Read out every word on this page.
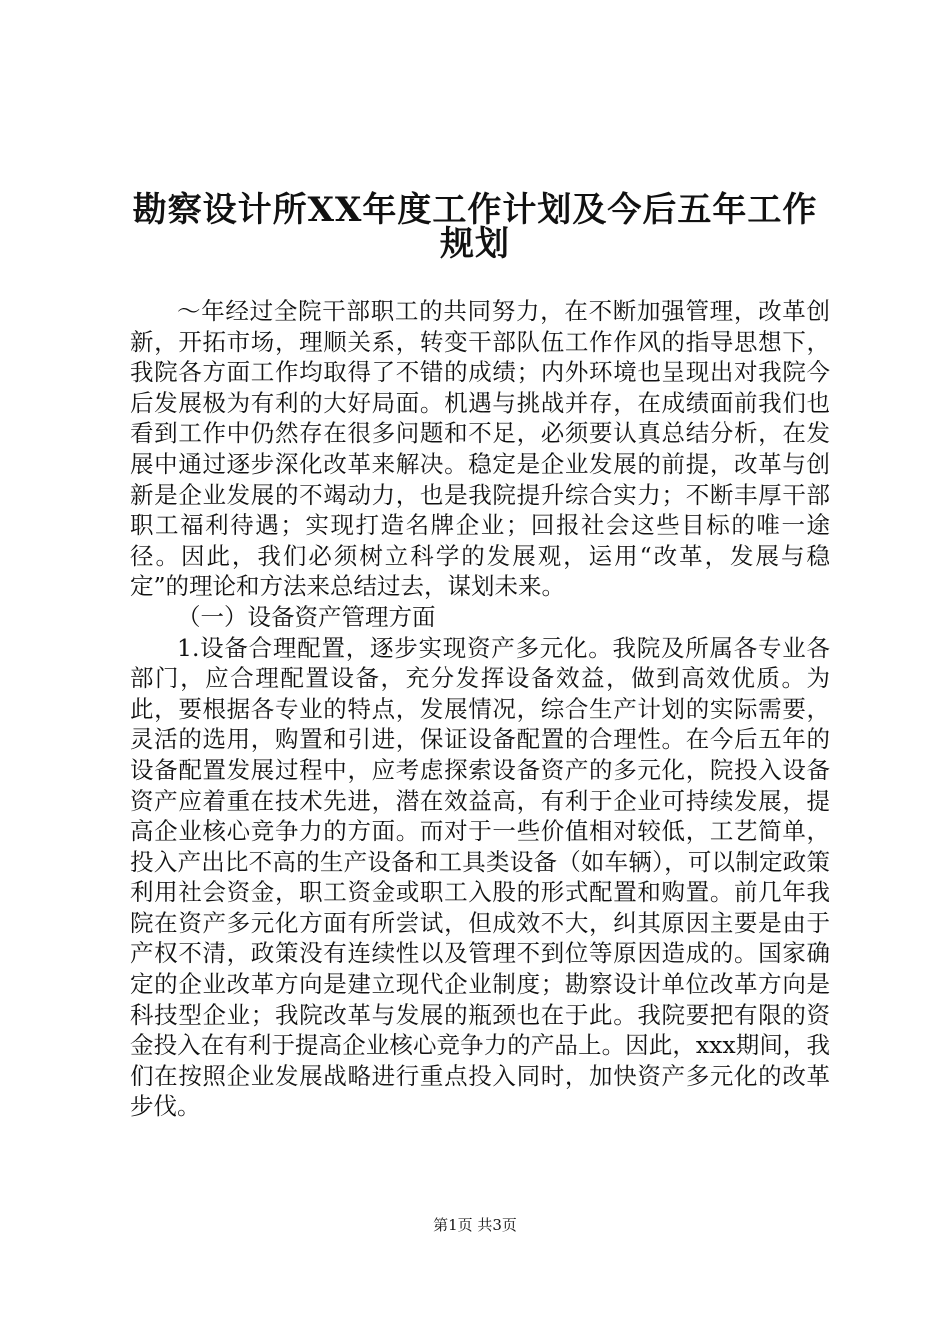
勘察设计所XX年度工作计划及今后五年工作
规划

～年经过全院干部职工的共同努力，在不断加强管理，改革创新，开拓市场，理顺关系，转变干部队伍工作作风的指导思想下，我院各方面工作均取得了不错的成绩；内外环境也呈现出对我院今后发展极为有利的大好局面。机遇与挑战并存，在成绩面前我们也看到工作中仍然存在很多问题和不足，必须要认真总结分析，在发展中通过逐步深化改革来解决。稳定是企业发展的前提，改革与创新是企业发展的不竭动力，也是我院提升综合实力；不断丰厚干部职工福利待遇；实现打造名牌企业；回报社会这些目标的唯一途径。因此，我们必须树立科学的发展观，运用“改革，发展与稳定”的理论和方法来总结过去，谋划未来。

（一）设备资产管理方面

1.设备合理配置，逐步实现资产多元化。我院及所属各专业各部门，应合理配置设备，充分发挥设备效益，做到高效优质。为此，要根据各专业的特点，发展情况，综合生产计划的实际需要，灵活的选用，购置和引进，保证设备配置的合理性。在今后五年的设备配置发展过程中，应考虑探索设备资产的多元化，院投入设备资产应着重在技术先进，潜在效益高，有利于企业可持续发展，提高企业核心竞争力的方面。而对于一些价值相对较低，工艺简单，投入产出比不高的生产设备和工具类设备（如车辆），可以制定政策利用社会资金，职工资金或职工入股的形式配置和购置。前几年我院在资产多元化方面有所尝试，但成效不大，纠其原因主要是由于产权不清，政策没有连续性以及管理不到位等原因造成的。国家确定的企业改革方向是建立现代企业制度；勘察设计单位改革方向是科技型企业；我院改革与发展的瓶颈也在于此。我院要把有限的资金投入在有利于提高企业核心竞争力的产品上。因此，xxx期间，我们在按照企业发展战略进行重点投入同时，加快资产多元化的改革步伐。

第1页 共3页
